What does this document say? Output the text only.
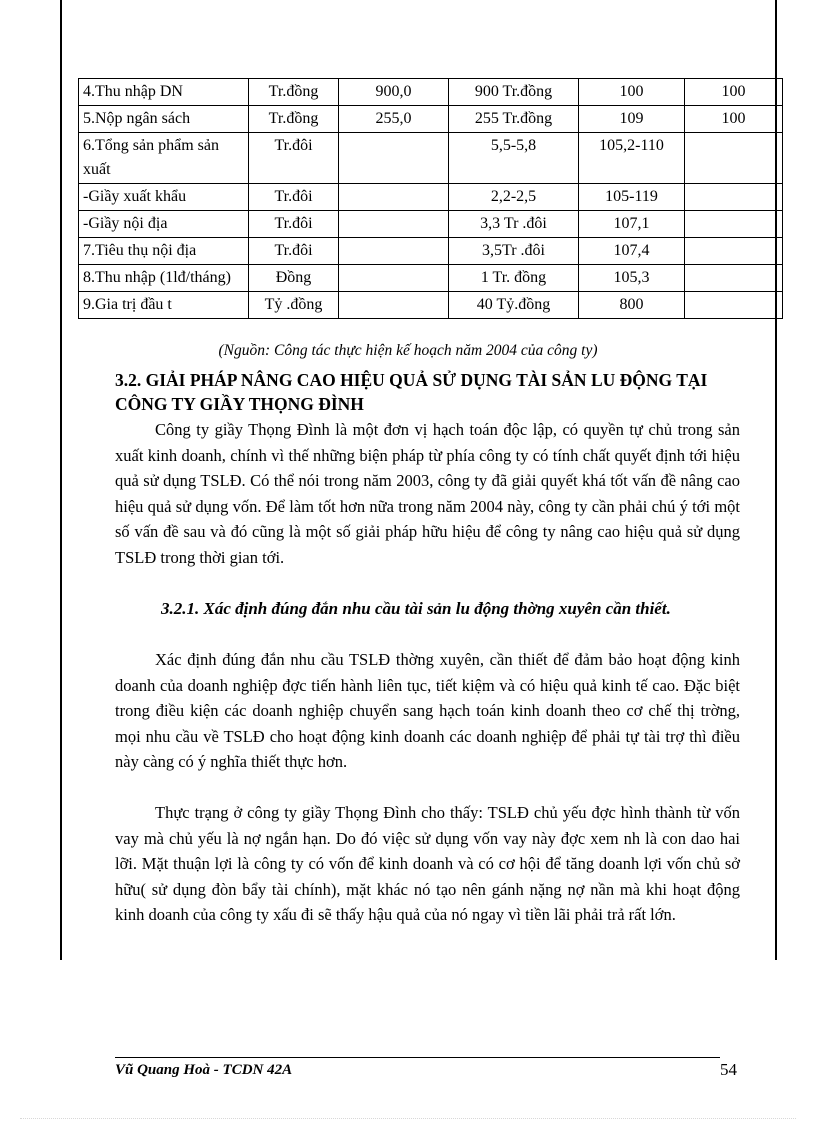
4.Thu nhập DN	Tr.đồng	900,0	900 Tr.đồng	100	100
5.Nộp ngân sách	Tr.đồng	255,0	255 Tr.đồng	109	100
6.Tổng sản phẩm sản xuất	Tr.đôi		5,5-5,8	105,2-110	
-Giầy xuất khẩu	Tr.đôi		2,2-2,5	105-119	
-Giầy nội địa	Tr.đôi		3,3 Tr .đôi	107,1	
7.Tiêu thụ nội địa	Tr.đôi		3,5Tr .đôi	107,4	
8.Thu nhập (1lđ/tháng)	Đồng		1 Tr. đồng	105,3	
9.Gia trị đầu t	Tỷ .đồng		40 Tỷ.đồng	800	
(Nguồn: Công tác thực hiện kế hoạch năm 2004 của công ty)
3.2. GIẢI PHÁP NÂNG CAO HIỆU QUẢ SỬ DỤNG TÀI SẢN LU ĐỘNG TẠI CÔNG TY GIẦY THỌNG ĐÌNH
Công ty giầy Thọng Đình là một đơn vị hạch toán độc lập, có quyền tự chủ trong sản xuất kinh doanh, chính vì thế những biện pháp từ phía công ty có tính chất quyết định tới hiệu quả sử dụng TSLĐ. Có thể nói trong năm 2003, công ty đã giải quyết khá tốt vấn đề nâng cao hiệu quả sử dụng vốn. Để làm tốt hơn nữa trong năm 2004 này, công ty cần phải chú ý tới một số vấn đề sau và đó cũng là một số giải pháp hữu hiệu để công ty nâng cao hiệu quả sử dụng TSLĐ trong thời gian tới.
3.2.1. Xác định đúng đắn nhu cầu tài sản lu động thờng xuyên cần thiết.
Xác định đúng đắn nhu cầu TSLĐ thờng xuyên, cần thiết để đảm bảo hoạt động kinh doanh của doanh nghiệp đợc tiến hành liên tục, tiết kiệm và có hiệu quả kinh tế cao. Đặc biệt trong điều kiện các doanh nghiệp chuyển sang hạch toán kinh doanh theo cơ chế thị trờng, mọi nhu cầu về TSLĐ cho hoạt động kinh doanh các doanh nghiệp để phải tự tài trợ thì điều này càng có ý nghĩa thiết thực hơn.
Thực trạng ở công ty giầy Thọng Đình cho thấy: TSLĐ chủ yếu đợc hình thành từ vốn vay mà chủ yếu là nợ ngắn hạn. Do đó việc sử dụng vốn vay này đợc xem nh là con dao hai lỡi. Mặt thuận lợi là công ty có vốn để kinh doanh và có cơ hội để tăng doanh lợi vốn chủ sở hữu( sử dụng đòn bẩy tài chính), mặt khác nó tạo nên gánh nặng nợ nần mà khi hoạt động kinh doanh của công ty xấu đi sẽ thấy hậu quả của nó ngay vì tiền lãi phải trả rất lớn.
Vũ Quang Hoà - TCDN 42A	54
